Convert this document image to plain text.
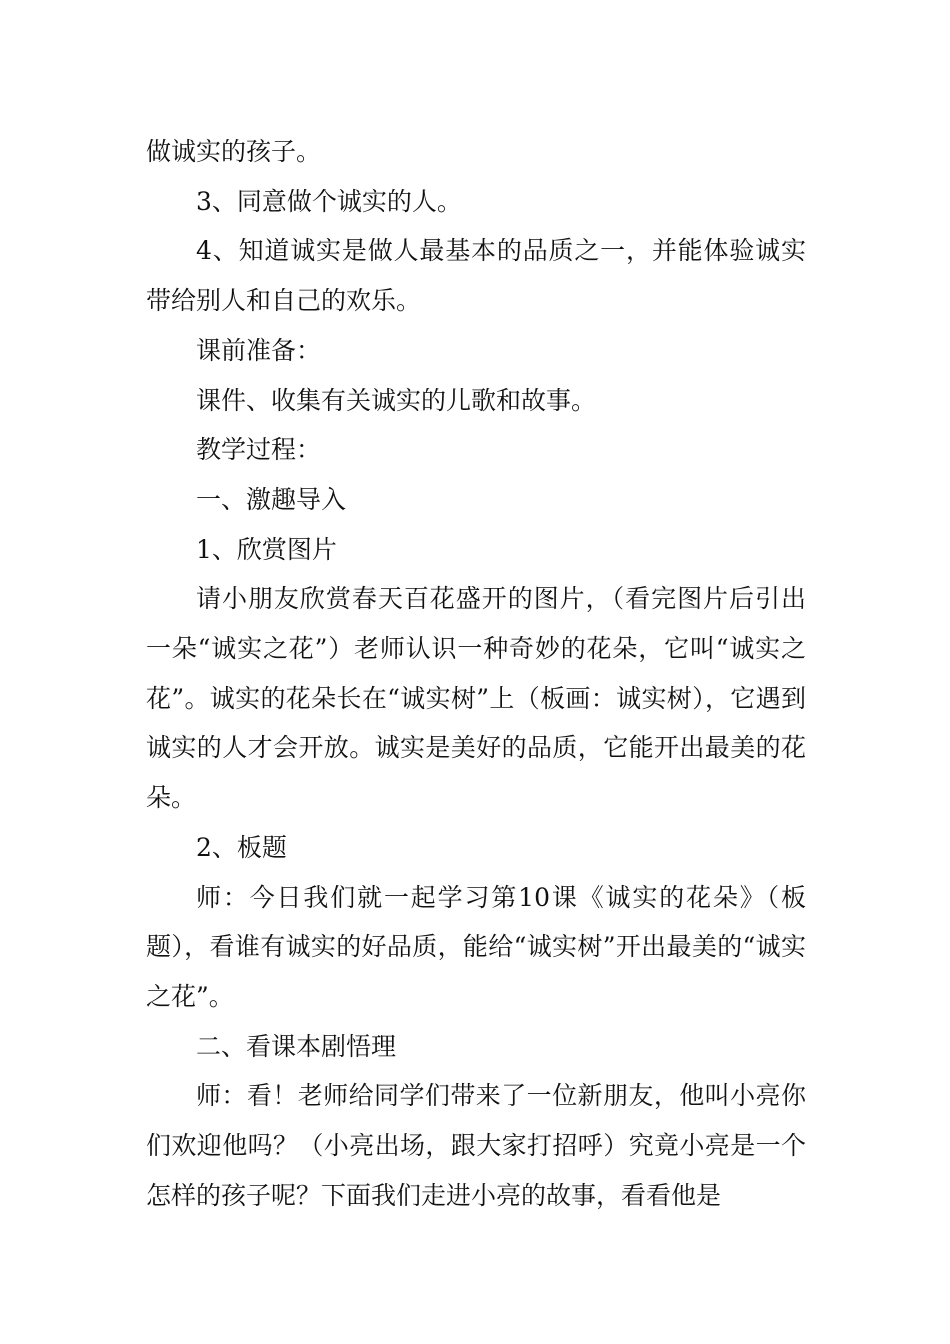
做诚实的孩子。

3、同意做个诚实的人。

4、知道诚实是做人最基本的品质之一，并能体验诚实带给别人和自己的欢乐。

课前准备：

课件、收集有关诚实的儿歌和故事。

教学过程：

一、激趣导入

1、欣赏图片

请小朋友欣赏春天百花盛开的图片，（看完图片后引出一朵“诚实之花”）老师认识一种奇妙的花朵，它叫“诚实之花”。诚实的花朵长在“诚实树”上（板画：诚实树），它遇到诚实的人才会开放。诚实是美好的品质，它能开出最美的花朵。

2、板题

师：今日我们就一起学习第10课《诚实的花朵》（板题），看谁有诚实的好品质，能给“诚实树”开出最美的“诚实之花”。

二、看课本剧悟理

师：看！老师给同学们带来了一位新朋友，他叫小亮你们欢迎他吗？（小亮出场，跟大家打招呼）究竟小亮是一个怎样的孩子呢？下面我们走进小亮的故事，看看他是
